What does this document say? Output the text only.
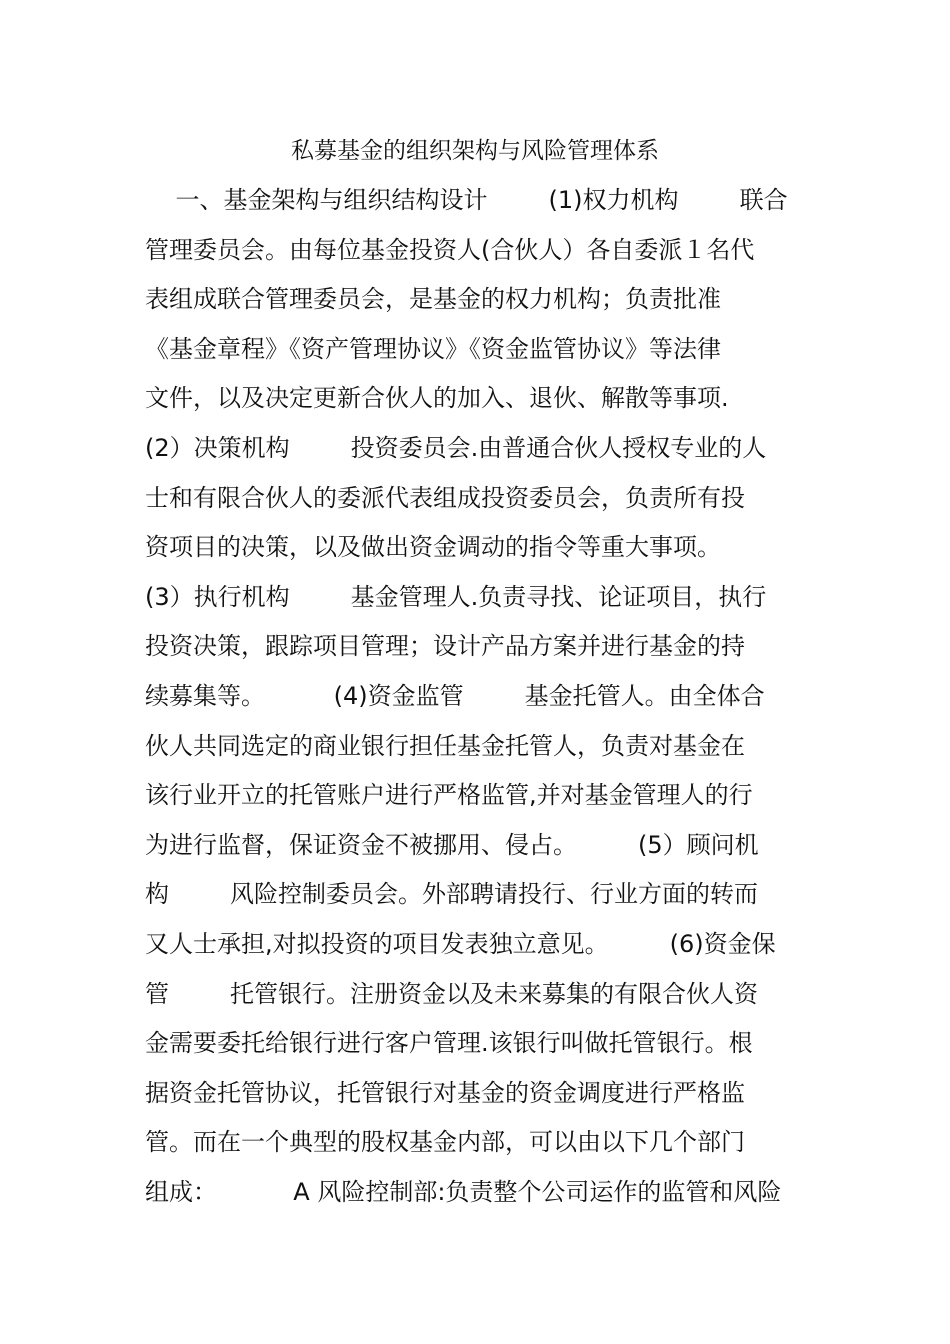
私募基金的组织架构与风险管理体系
一、基金架构与组织结构设计        (1)权力机构        联合
管理委员会。由每位基金投资人(合伙人）各自委派１名代
表组成联合管理委员会，是基金的权力机构；负责批准
《基金章程》《资产管理协议》《资金监管协议》等法律
文件，以及决定更新合伙人的加入、退伙、解散等事项.
(2）决策机构        投资委员会.由普通合伙人授权专业的人
士和有限合伙人的委派代表组成投资委员会，负责所有投
资项目的决策，以及做出资金调动的指令等重大事项。
(3）执行机构        基金管理人.负责寻找、论证项目，执行
投资决策，跟踪项目管理；设计产品方案并进行基金的持
续募集等。         (4)资金监管        基金托管人。由全体合
伙人共同选定的商业银行担任基金托管人，负责对基金在
该行业开立的托管账户进行严格监管,并对基金管理人的行
为进行监督，保证资金不被挪用、侵占。        (5）顾问机
构        风险控制委员会。外部聘请投行、行业方面的转而
又人士承担,对拟投资的项目发表独立意见。        (6)资金保
管        托管银行。注册资金以及未来募集的有限合伙人资
金需要委托给银行进行客户管理.该银行叫做托管银行。根
据资金托管协议，托管银行对基金的资金调度进行严格监
管。而在一个典型的股权基金内部，可以由以下几个部门
组成：          A 风险控制部:负责整个公司运作的监管和风险
